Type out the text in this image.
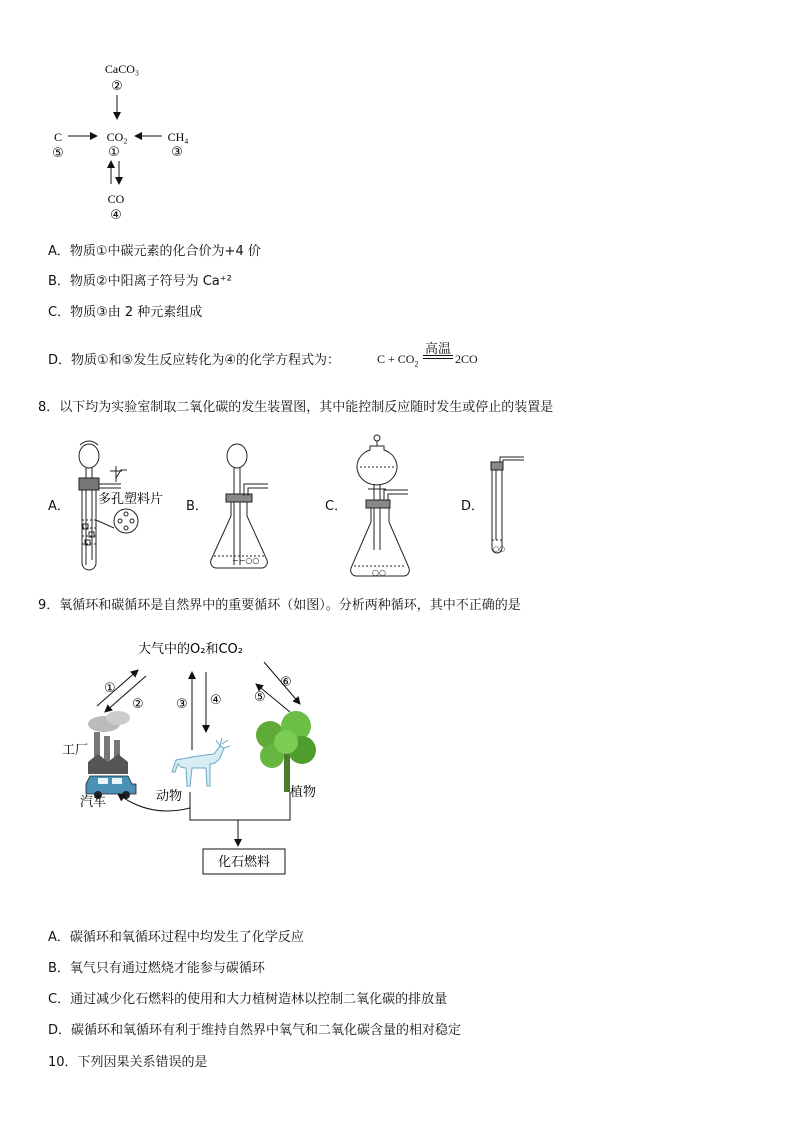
CaCO₃
②
C
⑤
CO₂
①
CH₄
③
CO
④
A．物质①中碳元素的化合价为+4 价
B．物质②中阳离子符号为 Ca⁺²
C．物质③由 2 种元素组成
D．物质①和⑤发生反应转化为④的化学方程式为：	$C + CO_2$
高温
2CO
8．以下均为实验室制取二氧化碳的发生装置图，其中能控制反应随时发生或停止的装置是
A．	B．	C．	D．
多孔塑料片
∽∽○○
○○
○○
9．氧循环和碳循环是自然界中的重要循环（如图）。分析两种循环，其中不正确的是
大气中的O₂和CO₂
①
② ③ ④ ⑤
⑥
工厂
汽车	动物	植物
化石燃料
A．碳循环和氧循环过程中均发生了化学反应
B．氧气只有通过燃烧才能参与碳循环
C．通过减少化石燃料的使用和大力植树造林以控制二氧化碳的排放量
D．碳循环和氧循环有利于维持自然界中氧气和二氧化碳含量的相对稳定
10．下列因果关系错误的是
